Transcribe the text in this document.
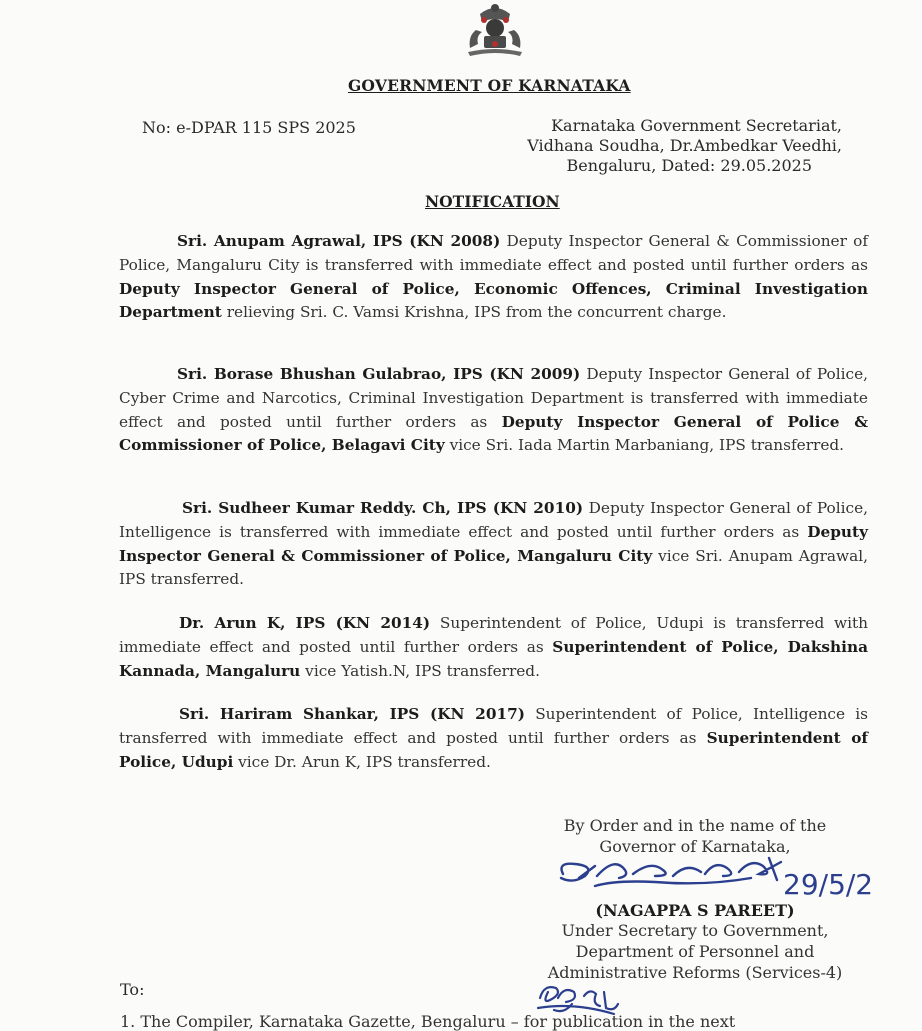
GOVERNMENT OF KARNATAKA
No: e-DPAR 115 SPS 2025	Karnataka Government Secretariat,
Vidhana Soudha, Dr.Ambedkar Veedhi,
Bengaluru, Dated: 29.05.2025
NOTIFICATION
Sri. Anupam Agrawal, IPS (KN 2008) Deputy Inspector General & Commissioner of Police, Mangaluru City is transferred with immediate effect and posted until further orders as Deputy Inspector General of Police, Economic Offences, Criminal Investigation Department relieving Sri. C. Vamsi Krishna, IPS from the concurrent charge.
Sri. Borase Bhushan Gulabrao, IPS (KN 2009) Deputy Inspector General of Police, Cyber Crime and Narcotics, Criminal Investigation Department is transferred with immediate effect and posted until further orders as Deputy Inspector General of Police & Commissioner of Police, Belagavi City vice Sri. Iada Martin Marbaniang, IPS transferred.
Sri. Sudheer Kumar Reddy. Ch, IPS (KN 2010) Deputy Inspector General of Police, Intelligence is transferred with immediate effect and posted until further orders as Deputy Inspector General & Commissioner of Police, Mangaluru City vice Sri. Anupam Agrawal, IPS transferred.
Dr. Arun K, IPS (KN 2014) Superintendent of Police, Udupi is transferred with immediate effect and posted until further orders as Superintendent of Police, Dakshina Kannada, Mangaluru vice Yatish.N, IPS transferred.
Sri. Hariram Shankar, IPS (KN 2017) Superintendent of Police, Intelligence is transferred with immediate effect and posted until further orders as Superintendent of Police, Udupi vice Dr. Arun K, IPS transferred.
By Order and in the name of the
Governor of Karnataka,
29/5/2
(NAGAPPA S PAREET)
Under Secretary to Government,
Department of Personnel and
Administrative Reforms (Services-4)
To:
1. The Compiler, Karnataka Gazette, Bengaluru – for publication in the next
